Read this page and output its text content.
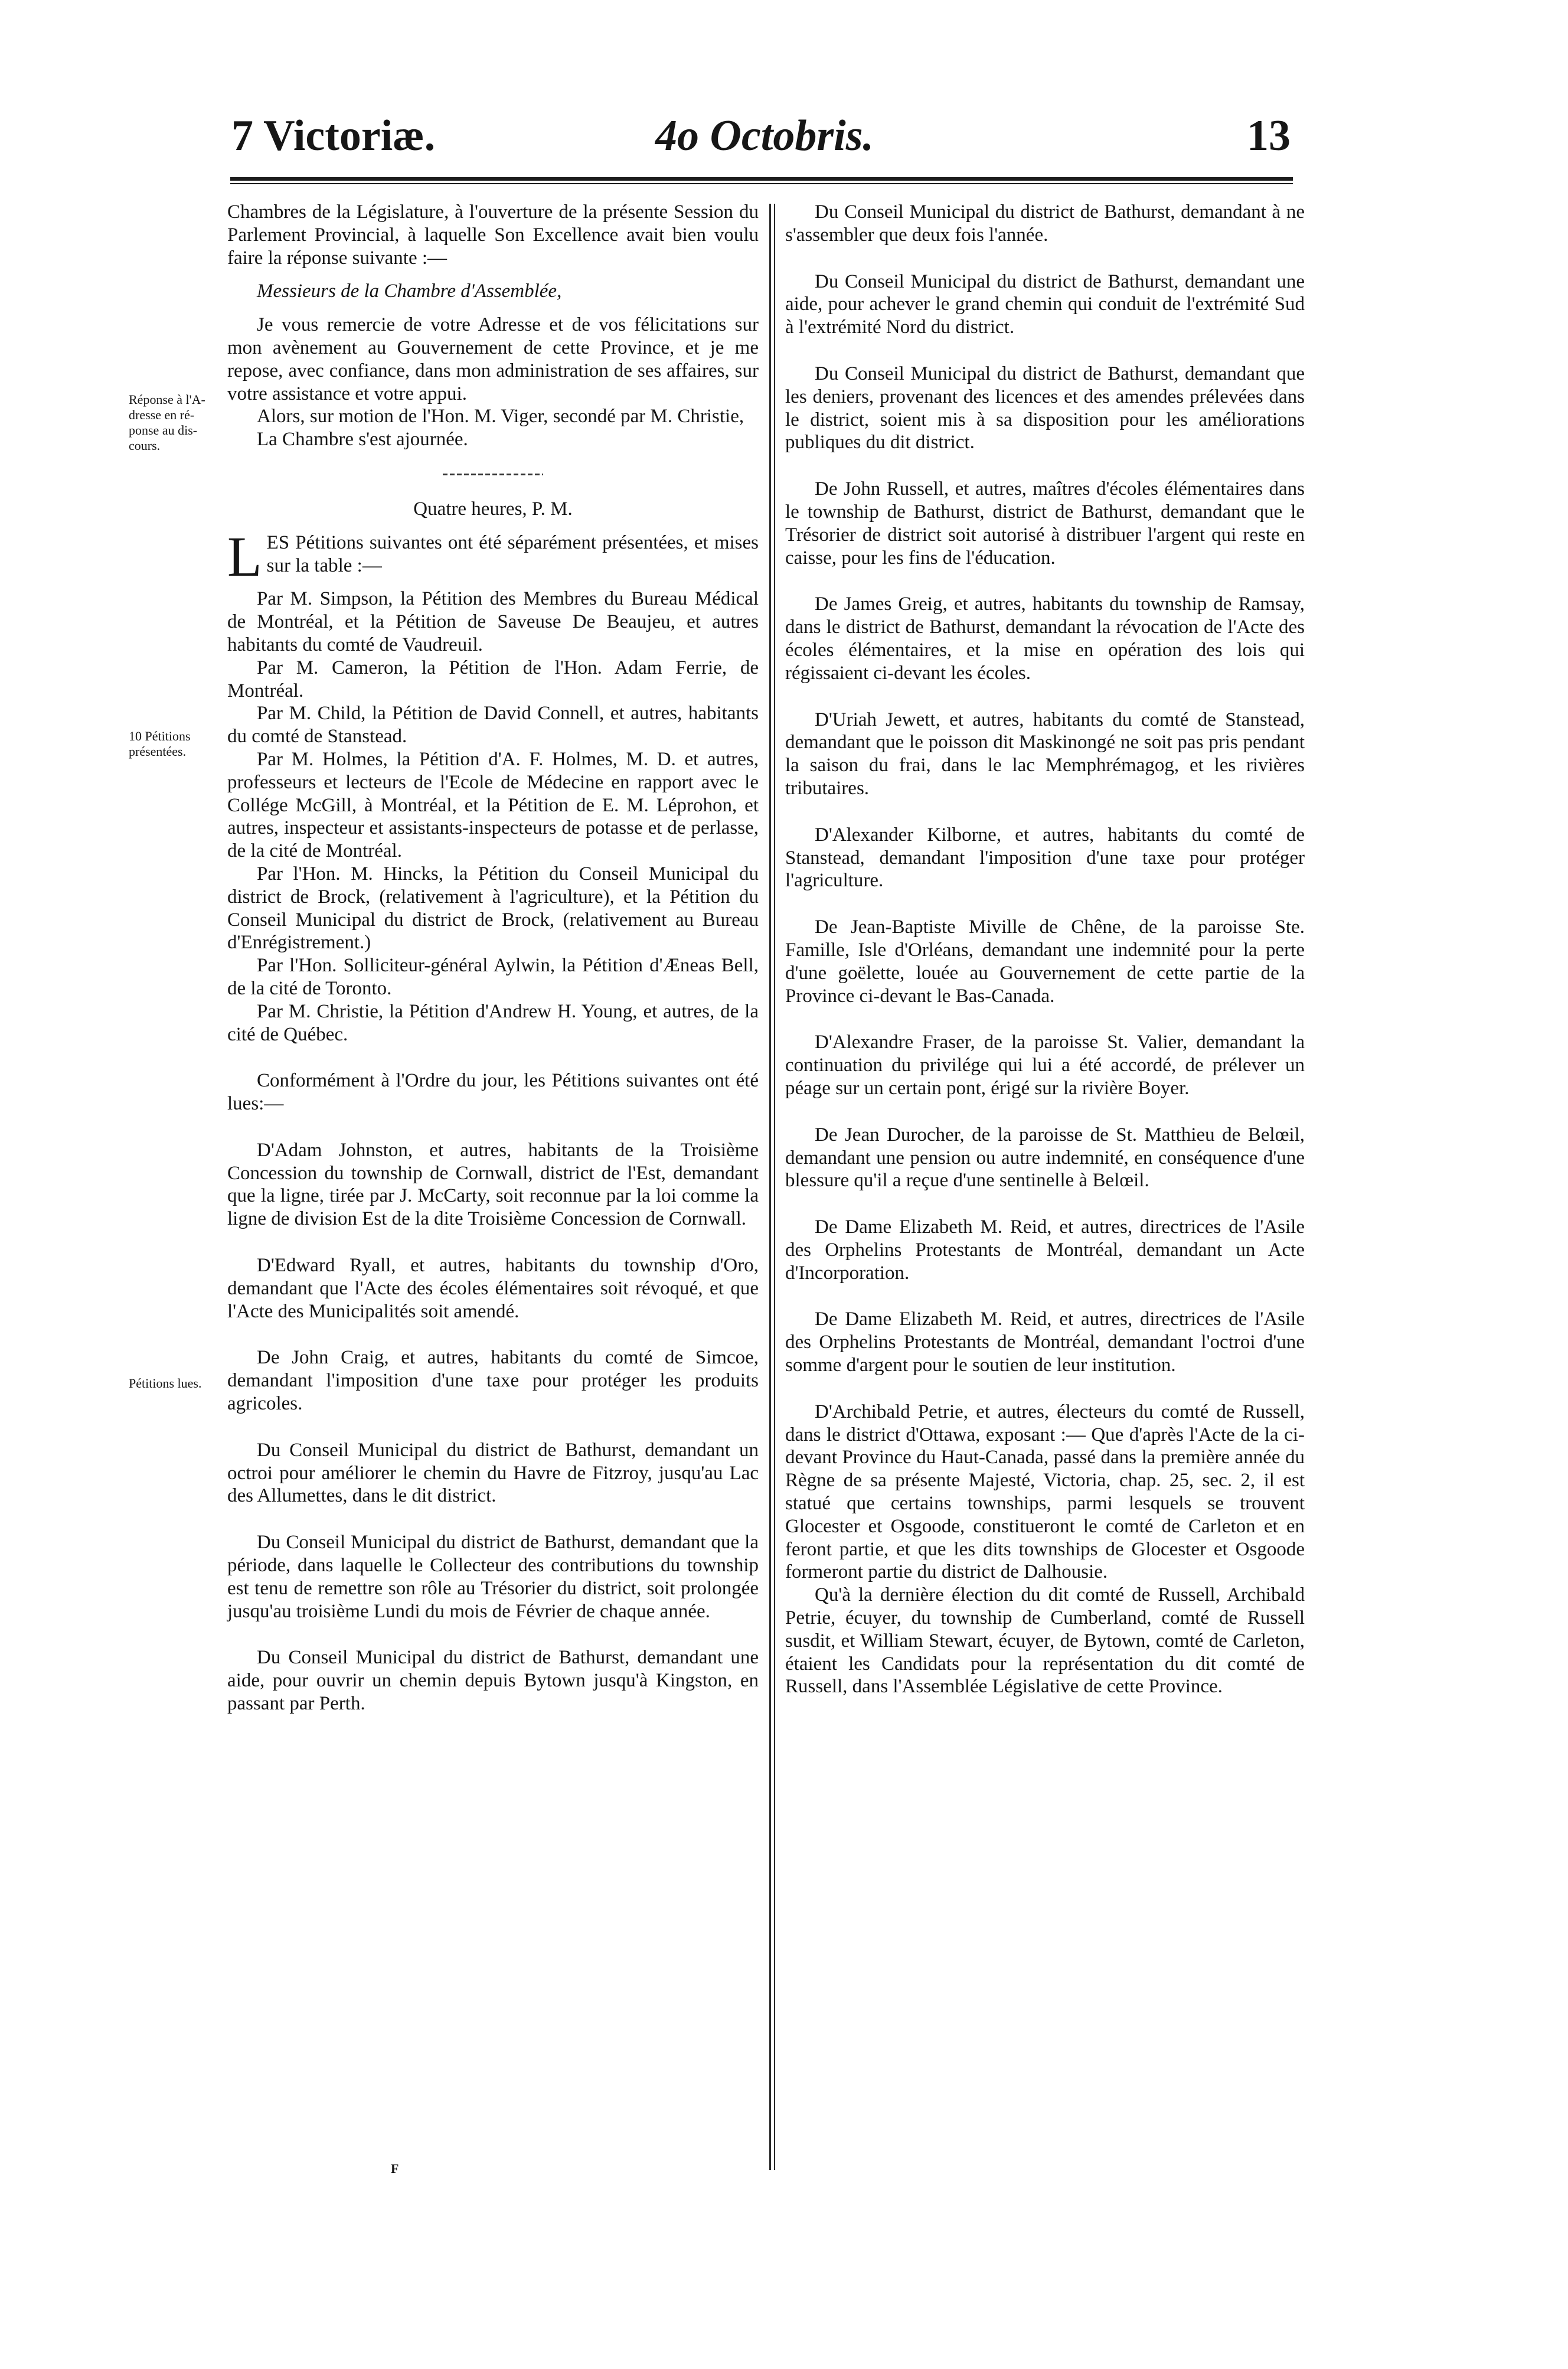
7 Victoriæ.	4o Octobris.	13
Réponse à l'A-dresse en ré-ponse au dis-cours.
10 Pétitions présentées.
Pétitions lues.

Chambres de la Législature, à l'ouverture de la présente Session du Parlement Provincial, à laquelle Son Excellence avait bien voulu faire la réponse suivante :—

Messieurs de la Chambre d'Assemblée,

Je vous remercie de votre Adresse et de vos félicitations sur mon avènement au Gouvernement de cette Province, et je me repose, avec confiance, dans mon administration de ses affaires, sur votre assistance et votre appui.

Alors, sur motion de l'Hon. M. Viger, secondé par M. Christie,

La Chambre s'est ajournée.

Quatre heures, P. M.

LES Pétitions suivantes ont été séparément présentées, et mises sur la table :—

Par M. Simpson, la Pétition des Membres du Bureau Médical de Montréal, et la Pétition de Saveuse De Beaujeu, et autres habitants du comté de Vaudreuil.

Par M. Cameron, la Pétition de l'Hon. Adam Ferrie, de Montréal.

Par M. Child, la Pétition de David Connell, et autres, habitants du comté de Stanstead.

Par M. Holmes, la Pétition d'A. F. Holmes, M. D. et autres, professeurs et lecteurs de l'Ecole de Médecine en rapport avec le Collége McGill, à Montréal, et la Pétition de E. M. Léprohon, et autres, inspecteur et assistants-inspecteurs de potasse et de perlasse, de la cité de Montréal.

Par l'Hon. M. Hincks, la Pétition du Conseil Municipal du district de Brock, (relativement à l'agriculture), et la Pétition du Conseil Municipal du district de Brock, (relativement au Bureau d'Enrégistrement.)

Par l'Hon. Solliciteur-général Aylwin, la Pétition d'Æneas Bell, de la cité de Toronto.

Par M. Christie, la Pétition d'Andrew H. Young, et autres, de la cité de Québec.

Conformément à l'Ordre du jour, les Pétitions suivantes ont été lues:—

D'Adam Johnston, et autres, habitants de la Troisième Concession du township de Cornwall, district de l'Est, demandant que la ligne, tirée par J. McCarty, soit reconnue par la loi comme la ligne de division Est de la dite Troisième Concession de Cornwall.

D'Edward Ryall, et autres, habitants du township d'Oro, demandant que l'Acte des écoles élémentaires soit révoqué, et que l'Acte des Municipalités soit amendé.

De John Craig, et autres, habitants du comté de Simcoe, demandant l'imposition d'une taxe pour protéger les produits agricoles.

Du Conseil Municipal du district de Bathurst, demandant un octroi pour améliorer le chemin du Havre de Fitzroy, jusqu'au Lac des Allumettes, dans le dit district.

Du Conseil Municipal du district de Bathurst, demandant que la période, dans laquelle le Collecteur des contributions du township est tenu de remettre son rôle au Trésorier du district, soit prolongée jusqu'au troisième Lundi du mois de Février de chaque année.

Du Conseil Municipal du district de Bathurst, demandant une aide, pour ouvrir un chemin depuis Bytown jusqu'à Kingston, en passant par Perth.

F

Du Conseil Municipal du district de Bathurst, demandant à ne s'assembler que deux fois l'année.

Du Conseil Municipal du district de Bathurst, demandant une aide, pour achever le grand chemin qui conduit de l'extrémité Sud à l'extrémité Nord du district.

Du Conseil Municipal du district de Bathurst, demandant que les deniers, provenant des licences et des amendes prélevées dans le district, soient mis à sa disposition pour les améliorations publiques du dit district.

De John Russell, et autres, maîtres d'écoles élémentaires dans le township de Bathurst, district de Bathurst, demandant que le Trésorier de district soit autorisé à distribuer l'argent qui reste en caisse, pour les fins de l'éducation.

De James Greig, et autres, habitants du township de Ramsay, dans le district de Bathurst, demandant la révocation de l'Acte des écoles élémentaires, et la mise en opération des lois qui régissaient ci-devant les écoles.

D'Uriah Jewett, et autres, habitants du comté de Stanstead, demandant que le poisson dit Maskinongé ne soit pas pris pendant la saison du frai, dans le lac Memphrémagog, et les rivières tributaires.

D'Alexander Kilborne, et autres, habitants du comté de Stanstead, demandant l'imposition d'une taxe pour protéger l'agriculture.

De Jean-Baptiste Miville de Chêne, de la paroisse Ste. Famille, Isle d'Orléans, demandant une indemnité pour la perte d'une goëlette, louée au Gouvernement de cette partie de la Province ci-devant le Bas-Canada.

D'Alexandre Fraser, de la paroisse St. Valier, demandant la continuation du privilége qui lui a été accordé, de prélever un péage sur un certain pont, érigé sur la rivière Boyer.

De Jean Durocher, de la paroisse de St. Matthieu de Belœil, demandant une pension ou autre indemnité, en conséquence d'une blessure qu'il a reçue d'une sentinelle à Belœil.

De Dame Elizabeth M. Reid, et autres, directrices de l'Asile des Orphelins Protestants de Montréal, demandant un Acte d'Incorporation.

De Dame Elizabeth M. Reid, et autres, directrices de l'Asile des Orphelins Protestants de Montréal, demandant l'octroi d'une somme d'argent pour le soutien de leur institution.

D'Archibald Petrie, et autres, électeurs du comté de Russell, dans le district d'Ottawa, exposant :— Que d'après l'Acte de la ci-devant Province du Haut-Canada, passé dans la première année du Règne de sa présente Majesté, Victoria, chap. 25, sec. 2, il est statué que certains townships, parmi lesquels se trouvent Glocester et Osgoode, constitueront le comté de Carleton et en feront partie, et que les dits townships de Glocester et Osgoode formeront partie du district de Dalhousie.

Qu'à la dernière élection du dit comté de Russell, Archibald Petrie, écuyer, du township de Cumberland, comté de Russell susdit, et William Stewart, écuyer, de Bytown, comté de Carleton, étaient les Candidats pour la représentation du dit comté de Russell, dans l'Assemblée Législative de cette Province.
